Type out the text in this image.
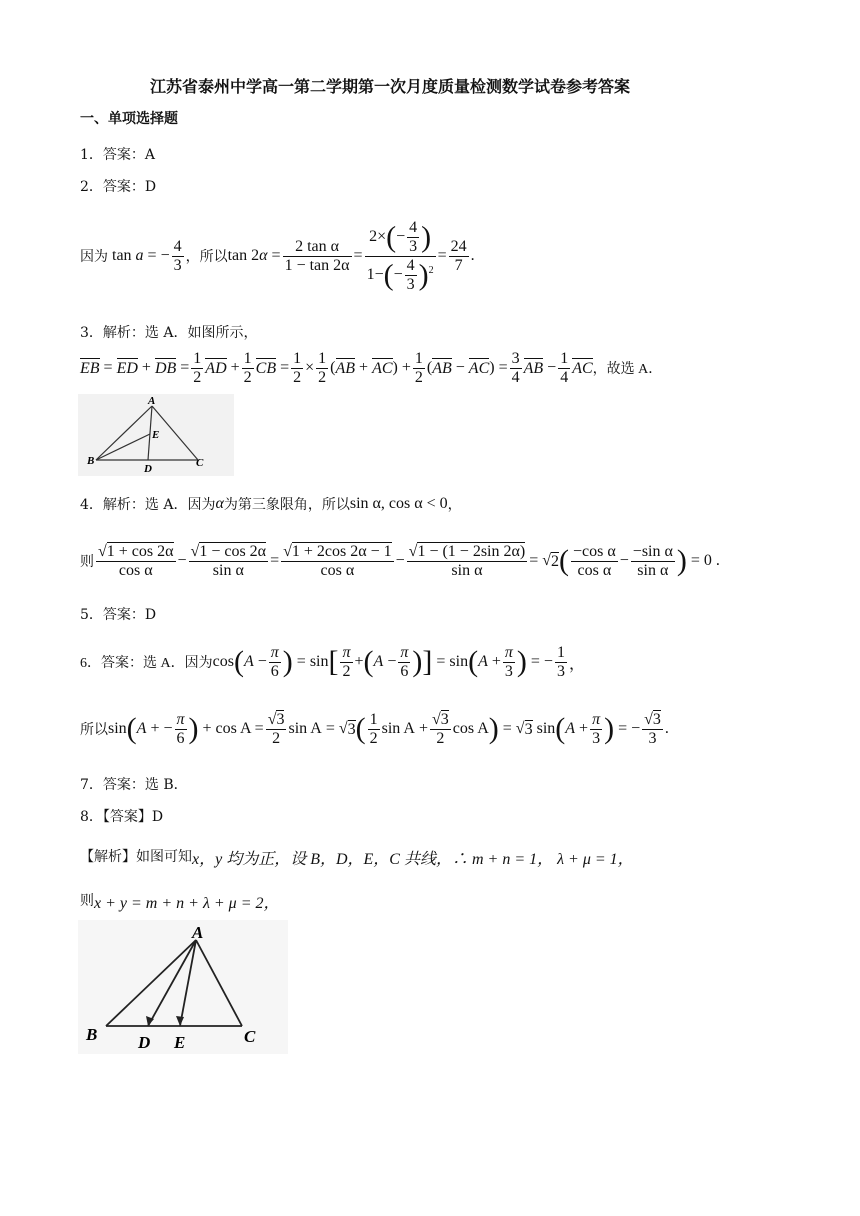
江苏省泰州中学高一第二学期第一次月度质量检测数学试卷参考答案
一、单项选择题
1．答案：A
2．答案：D
因为
tan
a
= − $\frac{4}{3}$ ，所以 tan 2 α
= $\frac{\text{2 tan α}}{1 - \tan 2\alpha} = \frac{2\times(- \frac{4}{3} )}{1-(- \frac{4}{3} )^2} = \frac{24}{7}$ .
3．解析：选 A．如图所示，
EB = ED + DB = $\frac{1}{2}$ AD + $\frac{1}{2}$ CB = $\frac{1}{2} \times \frac{1}{2}$ ( AB + AC ) + $\frac{1}{2}$ ( AB − AC ) = $\frac{3}{4}$ AB − $\frac{1}{4}$ AC ，故选 A．
A
B	C
D
E
4．解析：选 A．因为 α 为第三象限角，所以 sin α, cos α < 0 ，
则 $\frac{√1 + \cos 2\alpha}{\text{cos α}} - \frac{√1 - \cos 2\alpha}{\text{sin α}} = \frac{√1 + 2\cos 2\alpha - 1}{\text{cos α}} - \frac{√1 - (1 - 2\sin 2\alpha)}{\text{sin α}}$ = √ 2 ( $\frac{\text{−cos α}}{\text{cos α}} - \frac{\text{−sin α}}{\text{sin α}}$ )
= 0 .
5．答案：D
6．答案：选 A．因为 cos ( $A - \frac{\pi}{6}$ ) = sin [ $\frac{\pi}{2}$ + ( $A - \frac{\pi}{6}$ ) ] = sin ( $A + \frac{\pi}{3}$ )
= − $\frac{1}{3}$ ，
所以 sin ( A + − $\frac{\pi}{6}$ )
+ $\cos A = \frac{√3}{2}$ sin A = √ 3 ( $\frac{1}{2}$ $\sin A + \frac{√3}{2}$ cos A ) = √ 3
sin ( $A + \frac{\pi}{3}$ )
= − $\frac{√3}{3}$ .
7．答案：选 B．
8．【答案】D
【解析】如图可知 x，y 均为正，设 B，D，E，C 共线，∴ m + n = 1， λ + μ = 1，
则 x + y = m + n + λ + μ = 2，
A
B	C
D E
